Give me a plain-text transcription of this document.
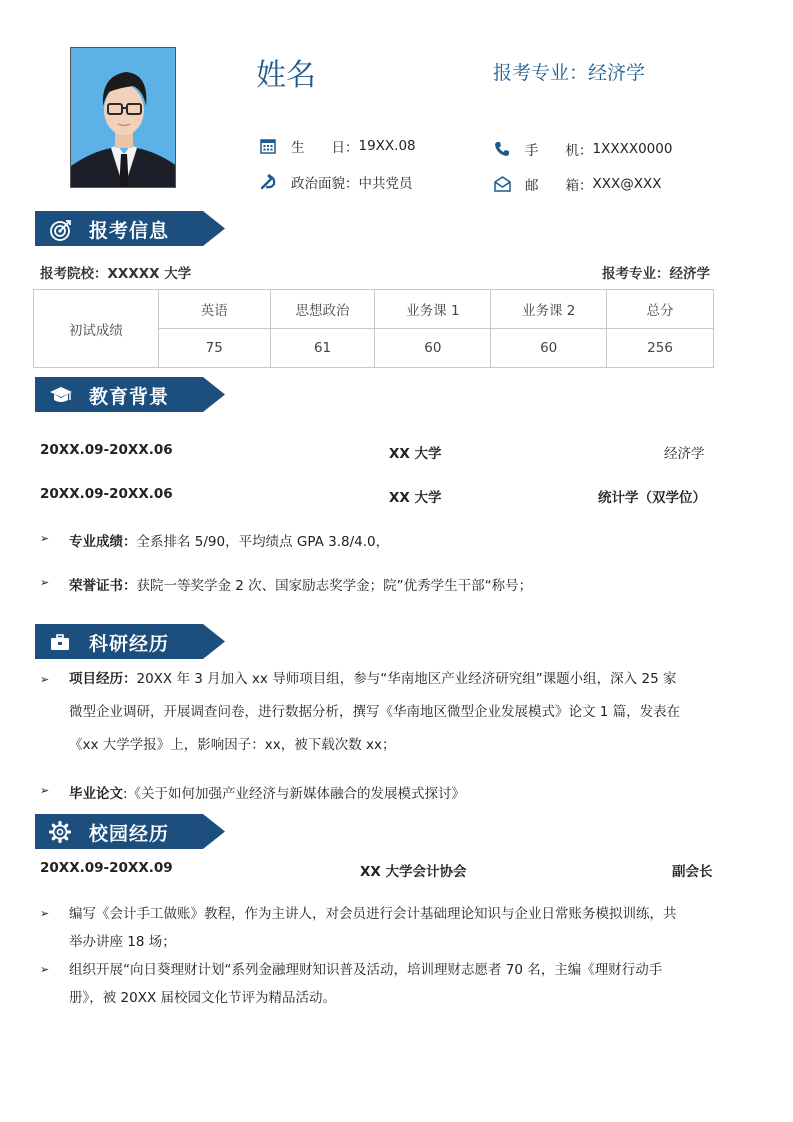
姓名	报考专业：经济学
生　　日： 19XX.08
政治面貌： 中共党员
手　　机： 1XXXX0000
邮　　箱： XXX@XXX
报考信息
报考院校：XXXXX 大学	报考专业：经济学
初试成绩	英语	思想政治	业务课 1	业务课 2	总分
	75	61	60	60	256
教育背景
20XX.09-20XX.06	XX 大学	经济学
20XX.09-20XX.06	XX 大学	统计学（双学位）
➢	专业成绩：全系排名 5/90，平均绩点 GPA 3.8/4.0，
➢	荣誉证书：获院一等奖学金 2 次、国家励志奖学金；院”优秀学生干部“称号；
科研经历
➢	项目经历：20XX 年 3 月加入 xx 导师项目组，参与“华南地区产业经济研究组”课题小组，深入 25 家
微型企业调研，开展调查问卷，进行数据分析，撰写《华南地区微型企业发展模式》论文 1 篇，发表在
《xx 大学学报》上，影响因子：xx，被下载次数 xx；
➢	毕业论文:《关于如何加强产业经济与新媒体融合的发展模式探讨》
校园经历
20XX.09-20XX.09	XX 大学会计协会	副会长
➢	编写《会计手工做账》教程，作为主讲人，对会员进行会计基础理论知识与企业日常账务模拟训练，共
举办讲座 18 场；
➢	组织开展“向日葵理财计划“系列金融理财知识普及活动，培训理财志愿者 70 名，主编《理财行动手
册》，被 20XX 届校园文化节评为精品活动。
